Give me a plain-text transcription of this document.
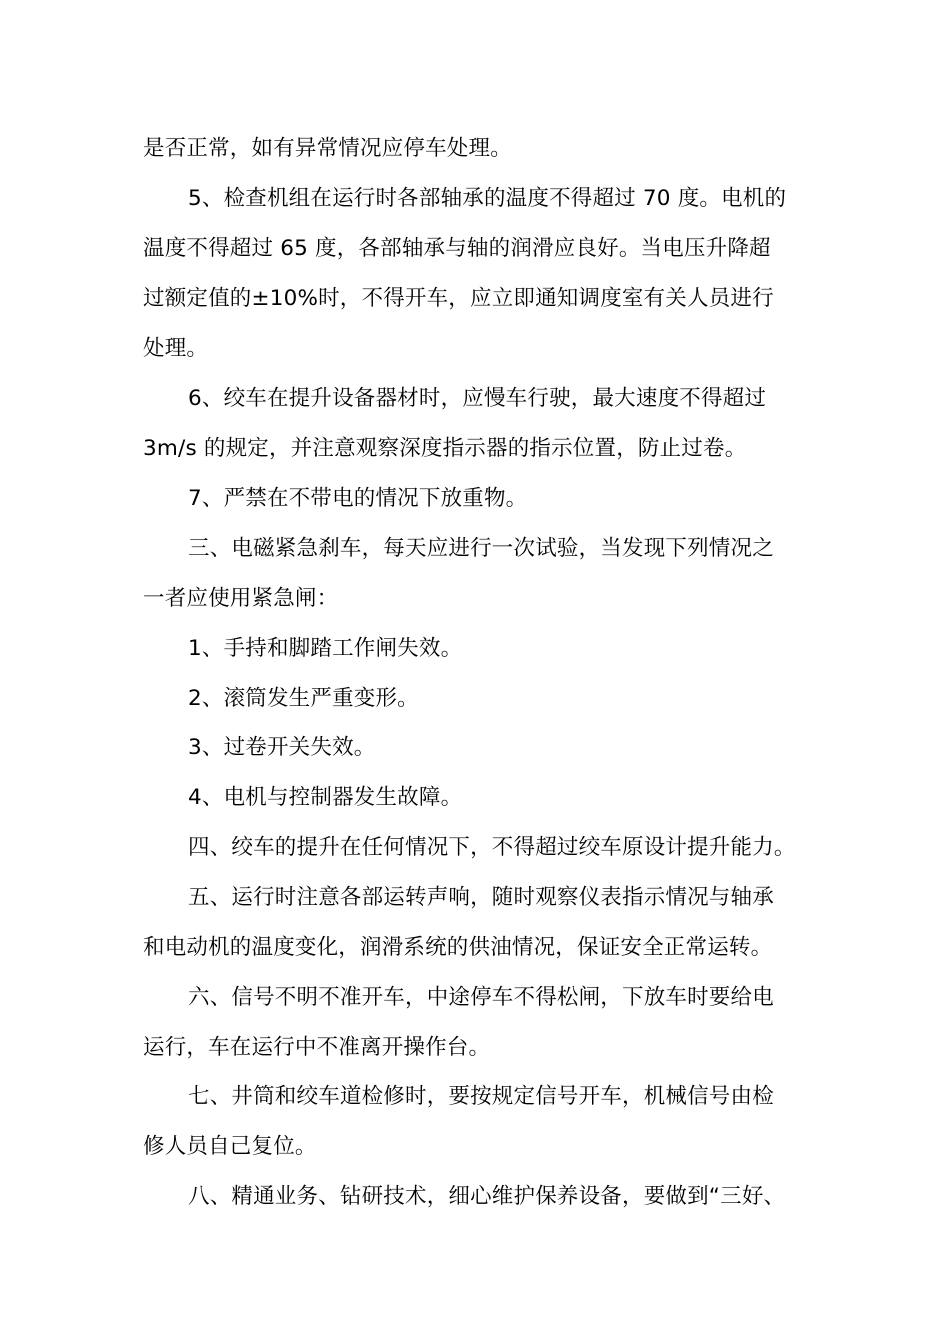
是否正常，如有异常情况应停车处理。
5、检查机组在运行时各部轴承的温度不得超过 70 度。电机的
温度不得超过 65 度，各部轴承与轴的润滑应良好。当电压升降超
过额定值的±10%时，不得开车，应立即通知调度室有关人员进行
处理。
6、绞车在提升设备器材时，应慢车行驶，最大速度不得超过
3m/s 的规定，并注意观察深度指示器的指示位置，防止过卷。
7、严禁在不带电的情况下放重物。
三、电磁紧急刹车，每天应进行一次试验，当发现下列情况之
一者应使用紧急闸：
1、手持和脚踏工作闸失效。
2、滚筒发生严重变形。
3、过卷开关失效。
4、电机与控制器发生故障。
四、绞车的提升在任何情况下，不得超过绞车原设计提升能力。
五、运行时注意各部运转声响，随时观察仪表指示情况与轴承
和电动机的温度变化，润滑系统的供油情况，保证安全正常运转。
六、信号不明不准开车，中途停车不得松闸，下放车时要给电
运行，车在运行中不准离开操作台。
七、井筒和绞车道检修时，要按规定信号开车，机械信号由检
修人员自己复位。
八、精通业务、钻研技术，细心维护保养设备，要做到“三好、
